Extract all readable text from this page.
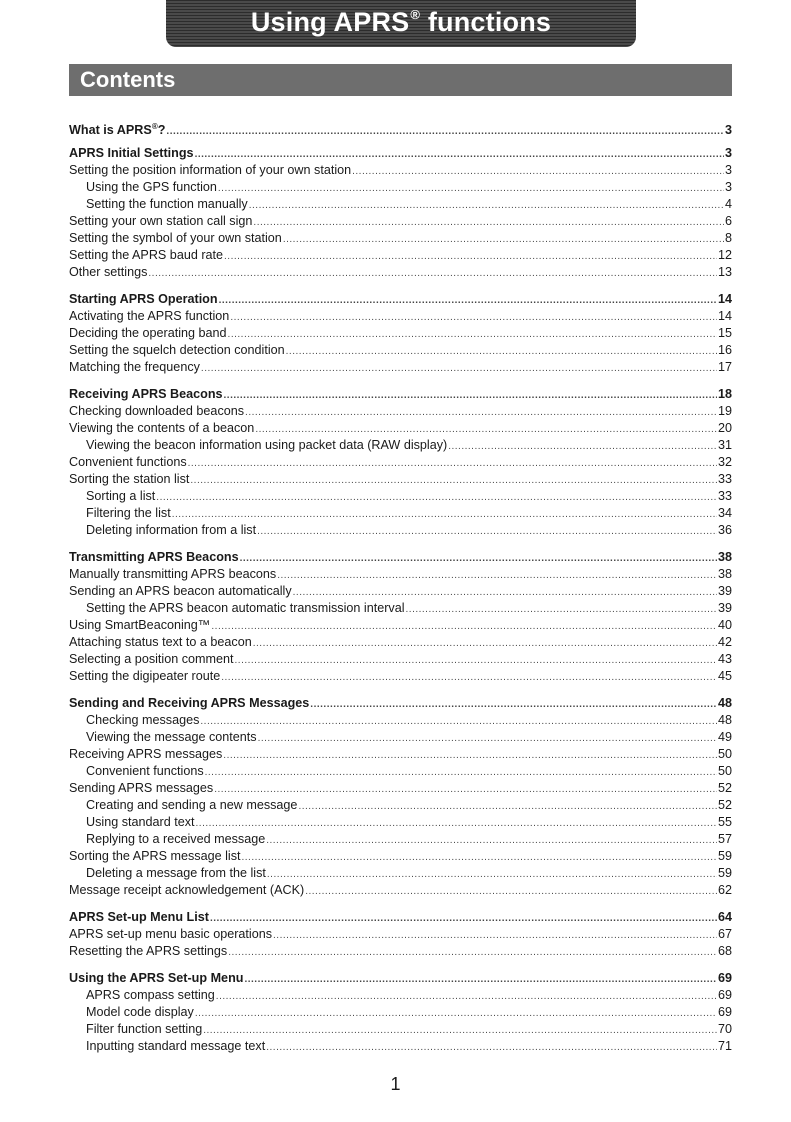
Using APRS® functions
Contents
What is APRS®? .....	3
APRS Initial Settings .....	3
Setting the position information of your own station .....	3
Using the GPS function .....	3
Setting the function manually .....	4
Setting your own station call sign .....	6
Setting the symbol of your own station .....	8
Setting the APRS baud rate .....	12
Other settings .....	13
Starting APRS Operation .....	14
Activating the APRS function .....	14
Deciding the operating band .....	15
Setting the squelch detection condition .....	16
Matching the frequency .....	17
Receiving APRS Beacons .....	18
Checking downloaded beacons .....	19
Viewing the contents of a beacon .....	20
Viewing the beacon information using packet data (RAW display) .....	31
Convenient functions .....	32
Sorting the station list .....	33
Sorting a list .....	33
Filtering the list .....	34
Deleting information from a list .....	36
Transmitting APRS Beacons .....	38
Manually transmitting APRS beacons .....	38
Sending an APRS beacon automatically .....	39
Setting the APRS beacon automatic transmission interval .....	39
Using SmartBeaconing™ .....	40
Attaching status text to a beacon .....	42
Selecting a position comment .....	43
Setting the digipeater route .....	45
Sending and Receiving APRS Messages .....	48
Checking messages .....	48
Viewing the message contents .....	49
Receiving APRS messages .....	50
Convenient functions .....	50
Sending APRS messages .....	52
Creating and sending a new message .....	52
Using standard text .....	55
Replying to a received message .....	57
Sorting the APRS message list .....	59
Deleting a message from the list .....	59
Message receipt acknowledgement (ACK) .....	62
APRS Set-up Menu List .....	64
APRS set-up menu basic operations .....	67
Resetting the APRS settings .....	68
Using the APRS Set-up Menu .....	69
APRS compass setting .....	69
Model code display .....	69
Filter function setting .....	70
Inputting standard message text .....	71
1
